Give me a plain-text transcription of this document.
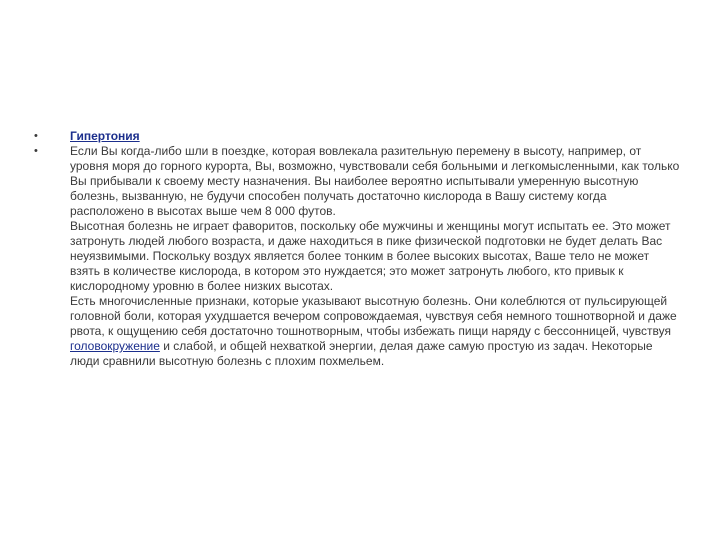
•	Гипертония
•	Если Вы когда-либо шли в поездке, которая вовлекала разительную перемену в высоту, например, от уровня моря до горного курорта, Вы, возможно, чувствовали себя больными и легкомысленными, как только Вы прибывали к своему месту назначения. Вы наиболее вероятно испытывали умеренную высотную болезнь, вызванную, не будучи способен получать достаточно кислорода в Вашу систему когда расположено в высотах выше чем 8 000 футов.

Высотная болезнь не играет фаворитов, поскольку обе мужчины и женщины могут испытать ее. Это может затронуть людей любого возраста, и даже находиться в пике физической подготовки не будет делать Вас неуязвимыми. Поскольку воздух является более тонким в более высоких высотах, Ваше тело не может взять в количестве кислорода, в котором это нуждается; это может затронуть любого, кто привык к кислородному уровню в более низких высотах.

Есть многочисленные признаки, которые указывают высотную болезнь. Они колеблются от пульсирующей головной боли, которая ухудшается вечером сопровождаемая, чувствуя себя немного тошнотворной и даже рвота, к ощущению себя достаточно тошнотворным, чтобы избежать пищи наряду с бессонницей, чувствуя головокружение и слабой, и общей нехваткой энергии, делая даже самую простую из задач. Некоторые люди сравнили высотную болезнь с плохим похмельем.
